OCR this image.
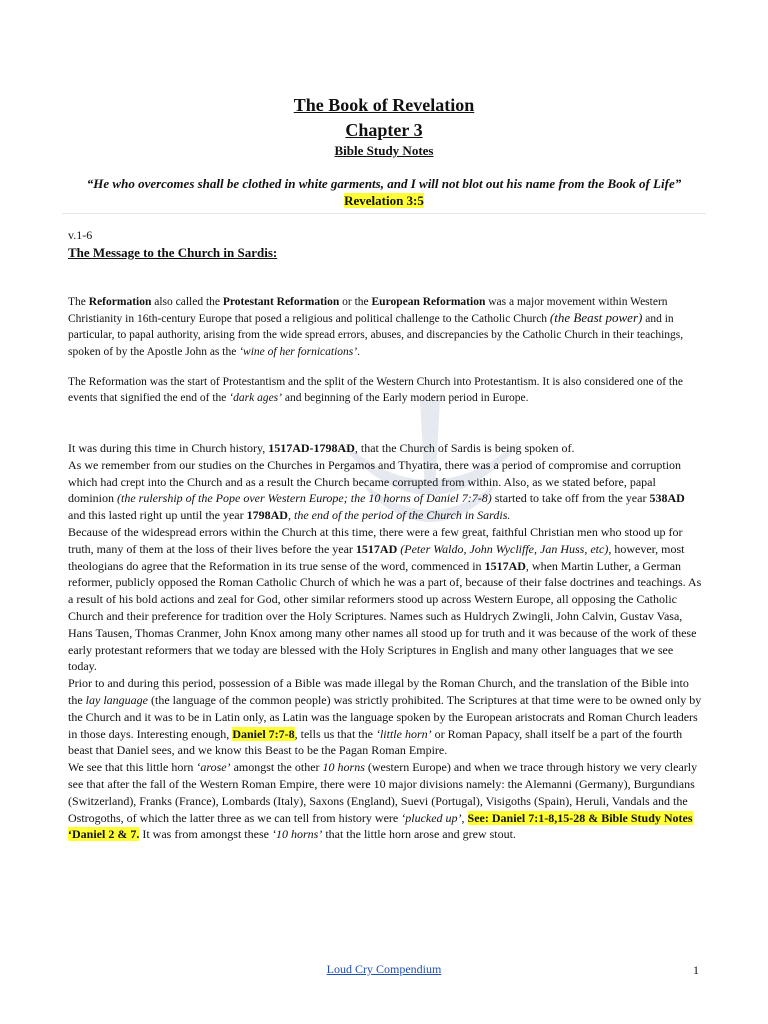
The Book of Revelation
Chapter 3
Bible Study Notes
“He who overcomes shall be clothed in white garments, and I will not blot out his name from the Book of Life”
Revelation 3:5
v.1-6
The Message to the Church in Sardis:
The Reformation also called the Protestant Reformation or the European Reformation was a major movement within Western Christianity in 16th-century Europe that posed a religious and political challenge to the Catholic Church (the Beast power) and in particular, to papal authority, arising from the wide spread errors, abuses, and discrepancies by the Catholic Church in their teachings, spoken of by the Apostle John as the ‘wine of her fornications’.
The Reformation was the start of Protestantism and the split of the Western Church into Protestantism. It is also considered one of the events that signified the end of the ‘dark ages’ and beginning of the Early modern period in Europe.
It was during this time in Church history, 1517AD-1798AD, that the Church of Sardis is being spoken of.
As we remember from our studies on the Churches in Pergamos and Thyatira, there was a period of compromise and corruption which had crept into the Church and as a result the Church became corrupted from within. Also, as we stated before, papal dominion (the rulership of the Pope over Western Europe; the 10 horns of Daniel 7:7-8) started to take off from the year 538AD and this lasted right up until the year 1798AD, the end of the period of the Church in Sardis.
Because of the widespread errors within the Church at this time, there were a few great, faithful Christian men who stood up for truth, many of them at the loss of their lives before the year 1517AD (Peter Waldo, John Wycliffe, Jan Huss, etc), however, most theologians do agree that the Reformation in its true sense of the word, commenced in 1517AD, when Martin Luther, a German reformer, publicly opposed the Roman Catholic Church of which he was a part of, because of their false doctrines and teachings. As a result of his bold actions and zeal for God, other similar reformers stood up across Western Europe, all opposing the Catholic Church and their preference for tradition over the Holy Scriptures. Names such as Huldrych Zwingli, John Calvin, Gustav Vasa, Hans Tausen, Thomas Cranmer, John Knox among many other names all stood up for truth and it was because of the work of these early protestant reformers that we today are blessed with the Holy Scriptures in English and many other languages that we see today.
Prior to and during this period, possession of a Bible was made illegal by the Roman Church, and the translation of the Bible into the lay language (the language of the common people) was strictly prohibited. The Scriptures at that time were to be owned only by the Church and it was to be in Latin only, as Latin was the language spoken by the European aristocrats and Roman Church leaders in those days. Interesting enough, Daniel 7:7-8, tells us that the ‘little horn’ or Roman Papacy, shall itself be a part of the fourth beast that Daniel sees, and we know this Beast to be the Pagan Roman Empire.
We see that this little horn ‘arose’ amongst the other 10 horns (western Europe) and when we trace through history we very clearly see that after the fall of the Western Roman Empire, there were 10 major divisions namely: the Alemanni (Germany), Burgundians (Switzerland), Franks (France), Lombards (Italy), Saxons (England), Suevi (Portugal), Visigoths (Spain), Heruli, Vandals and the Ostrogoths, of which the latter three as we can tell from history were ‘plucked up’, See: Daniel 7:1-8,15-28 & Bible Study Notes ‘Daniel 2 & 7. It was from amongst these ‘10 horns’ that the little horn arose and grew stout.
Loud Cry Compendium	1
